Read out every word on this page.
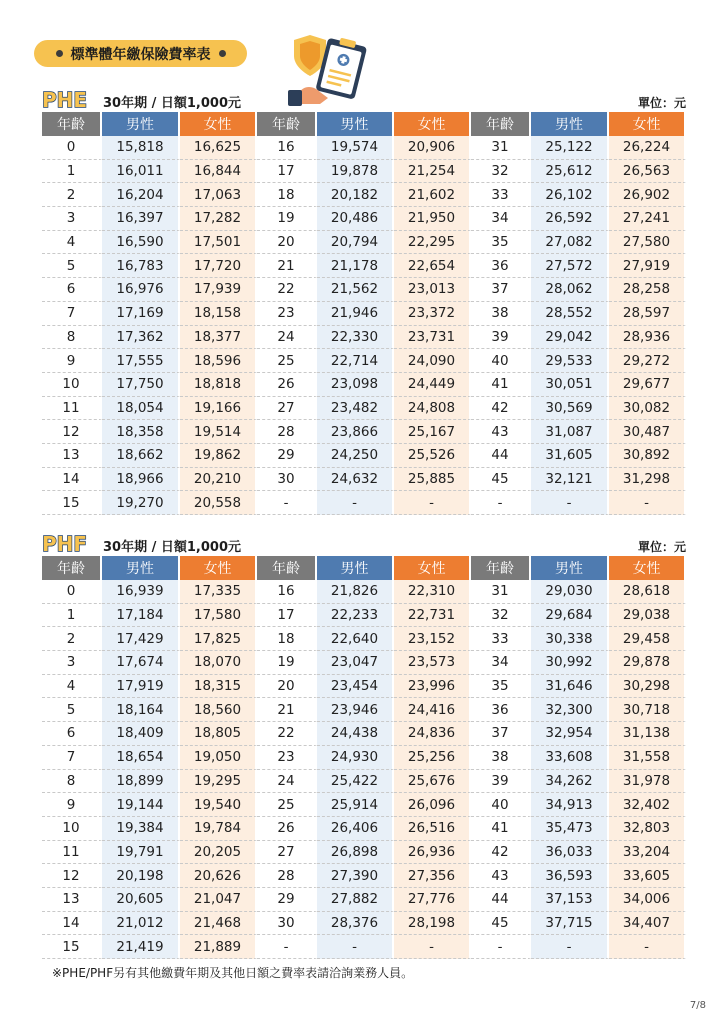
標準體年繳保險費率表
PHE 30年期 / 日額1,000元	單位：元
年齡	男性	女性	年齡	男性	女性	年齡	男性	女性
0	15,818	16,625	16	19,574	20,906	31	25,122	26,224
1	16,011	16,844	17	19,878	21,254	32	25,612	26,563
2	16,204	17,063	18	20,182	21,602	33	26,102	26,902
3	16,397	17,282	19	20,486	21,950	34	26,592	27,241
4	16,590	17,501	20	20,794	22,295	35	27,082	27,580
5	16,783	17,720	21	21,178	22,654	36	27,572	27,919
6	16,976	17,939	22	21,562	23,013	37	28,062	28,258
7	17,169	18,158	23	21,946	23,372	38	28,552	28,597
8	17,362	18,377	24	22,330	23,731	39	29,042	28,936
9	17,555	18,596	25	22,714	24,090	40	29,533	29,272
10	17,750	18,818	26	23,098	24,449	41	30,051	29,677
11	18,054	19,166	27	23,482	24,808	42	30,569	30,082
12	18,358	19,514	28	23,866	25,167	43	31,087	30,487
13	18,662	19,862	29	24,250	25,526	44	31,605	30,892
14	18,966	20,210	30	24,632	25,885	45	32,121	31,298
15	19,270	20,558	-	-	-	-	-	-
PHF 30年期 / 日額1,000元	單位：元
年齡	男性	女性	年齡	男性	女性	年齡	男性	女性
0	16,939	17,335	16	21,826	22,310	31	29,030	28,618
1	17,184	17,580	17	22,233	22,731	32	29,684	29,038
2	17,429	17,825	18	22,640	23,152	33	30,338	29,458
3	17,674	18,070	19	23,047	23,573	34	30,992	29,878
4	17,919	18,315	20	23,454	23,996	35	31,646	30,298
5	18,164	18,560	21	23,946	24,416	36	32,300	30,718
6	18,409	18,805	22	24,438	24,836	37	32,954	31,138
7	18,654	19,050	23	24,930	25,256	38	33,608	31,558
8	18,899	19,295	24	25,422	25,676	39	34,262	31,978
9	19,144	19,540	25	25,914	26,096	40	34,913	32,402
10	19,384	19,784	26	26,406	26,516	41	35,473	32,803
11	19,791	20,205	27	26,898	26,936	42	36,033	33,204
12	20,198	20,626	28	27,390	27,356	43	36,593	33,605
13	20,605	21,047	29	27,882	27,776	44	37,153	34,006
14	21,012	21,468	30	28,376	28,198	45	37,715	34,407
15	21,419	21,889	-	-	-	-	-	-
※PHE/PHF另有其他繳費年期及其他日額之費率表請洽詢業務人員。
7/8
